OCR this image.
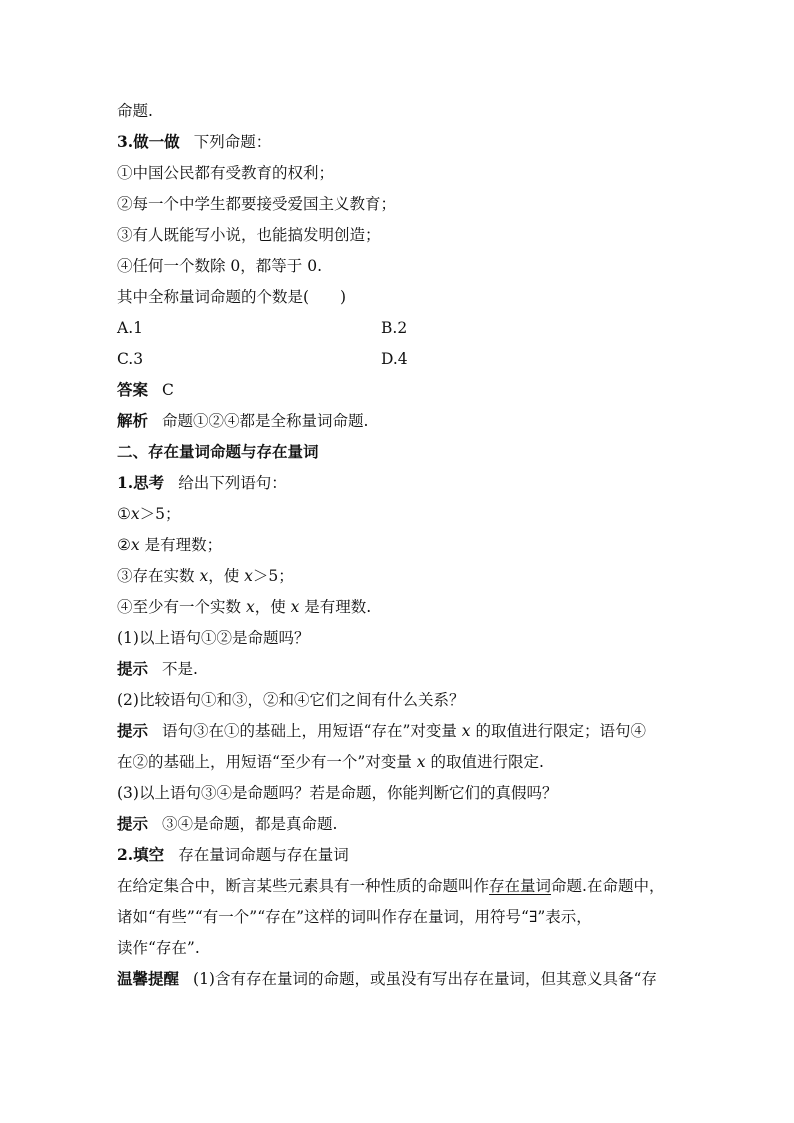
命题.
3.做一做 下列命题：
①中国公民都有受教育的权利；
②每一个中学生都要接受爱国主义教育；
③有人既能写小说，也能搞发明创造；
④任何一个数除 0，都等于 0.
其中全称量词命题的个数是(　　)
A.1	B.2
C.3	D.4
答案 C
解析 命题①②④都是全称量词命题.
二、存在量词命题与存在量词
1.思考 给出下列语句：
①x＞5；
②x 是有理数；
③存在实数 x，使 x＞5；
④至少有一个实数 x，使 x 是有理数.
(1)以上语句①②是命题吗？
提示 不是.
(2)比较语句①和③，②和④它们之间有什么关系？
提示 语句③在①的基础上，用短语“存在”对变量 x 的取值进行限定；语句④
在②的基础上，用短语“至少有一个”对变量 x 的取值进行限定.
(3)以上语句③④是命题吗？若是命题，你能判断它们的真假吗？
提示 ③④是命题，都是真命题.
2.填空 存在量词命题与存在量词
在给定集合中，断言某些元素具有一种性质的命题叫作存在量词命题.在命题中，
诸如“有些”“有一个”“存在”这样的词叫作存在量词，用符号“∃”表示，
读作“存在”.
温馨提醒 (1)含有存在量词的命题，或虽没有写出存在量词，但其意义具备“存
